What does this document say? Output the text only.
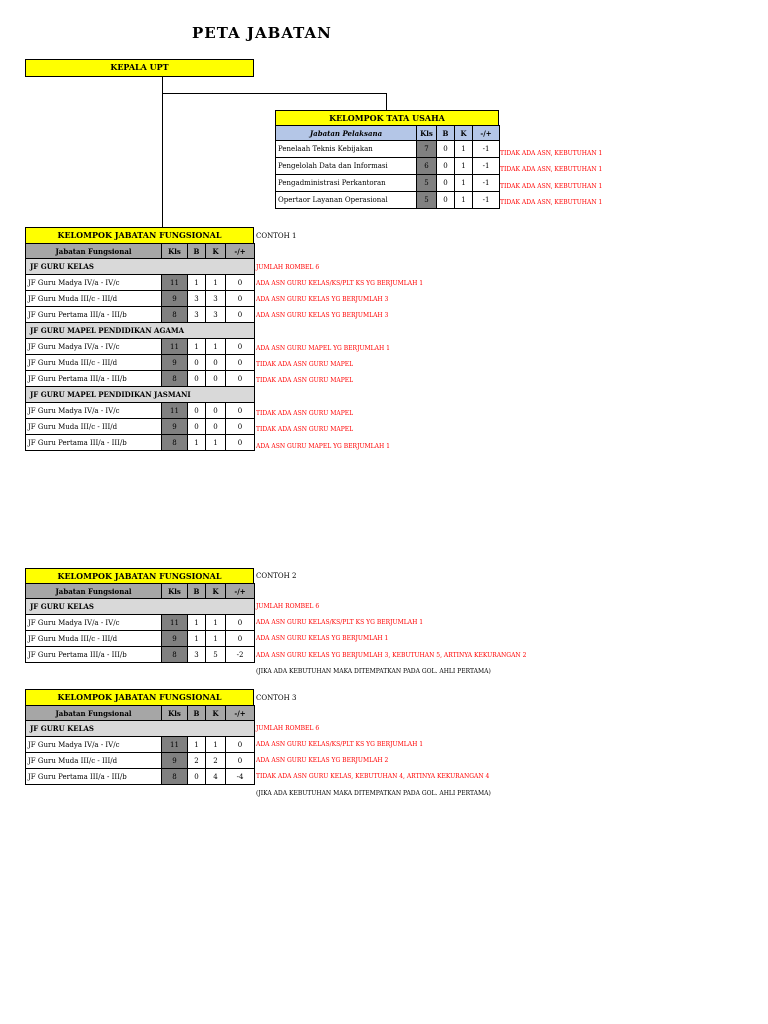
PETA JABATAN
KEPALA UPT
KELOMPOK TATA USAHA
Jabatan Pelaksana	Kls	B	K	-/+
Penelaah Teknis Kebijakan	7	0	1	-1
Pengelolah Data dan Informasi	6	0	1	-1
Pengadministrasi Perkantoran	5	0	1	-1
Opertaor Layanan Operasional	5	0	1	-1
TIDAK ADA ASN, KEBUTUHAN 1
TIDAK ADA ASN, KEBUTUHAN 1
TIDAK ADA ASN, KEBUTUHAN 1
TIDAK ADA ASN, KEBUTUHAN 1
KELOMPOK JABATAN FUNGSIONAL	CONTOH 1
Jabatan Fungsional	Kls	B	K	-/+
JF GURU KELAS				
JF Guru Madya IV/a - IV/c	11	1	1	0
JF Guru Muda III/c - III/d	9	3	3	0
JF Guru Pertama III/a - III/b	8	3	3	0
JF GURU MAPEL PENDIDIKAN AGAMA				
JF Guru Madya IV/a - IV/c	11	1	1	0
JF Guru Muda III/c - III/d	9	0	0	0
JF Guru Pertama III/a - III/b	8	0	0	0
JF GURU MAPEL PENDIDIKAN JASMANI				
JF Guru Madya IV/a - IV/c	11	0	0	0
JF Guru Muda III/c - III/d	9	0	0	0
JF Guru Pertama III/a - III/b	8	1	1	0
JUMLAH ROMBEL 6
ADA ASN GURU KELAS/KS/PLT KS YG BERJUMLAH 1
ADA ASN GURU KELAS YG BERJUMLAH 3
ADA ASN GURU KELAS YG BERJUMLAH 3
ADA ASN GURU MAPEL YG BERJUMLAH 1
TIDAK ADA ASN GURU MAPEL
TIDAK ADA ASN GURU MAPEL
TIDAK ADA ASN GURU MAPEL
TIDAK ADA ASN GURU MAPEL
ADA ASN GURU MAPEL YG BERJUMLAH 1
KELOMPOK JABATAN FUNGSIONAL	CONTOH 2
Jabatan Fungsional	Kls	B	K	-/+
JF GURU KELAS				
JF Guru Madya IV/a - IV/c	11	1	1	0
JF Guru Muda III/c - III/d	9	1	1	0
JF Guru Pertama III/a - III/b	8	3	5	-2
JUMLAH ROMBEL 6
ADA ASN GURU KELAS/KS/PLT KS YG BERJUMLAH 1
ADA ASN GURU KELAS YG BERJUMLAH 1
ADA ASN GURU KELAS YG BERJUMLAH 3, KEBUTUHAN 5, ARTINYA KEKURANGAN 2
(JIKA ADA KEBUTUHAN MAKA DITEMPATKAN PADA GOL. AHLI PERTAMA)
KELOMPOK JABATAN FUNGSIONAL	CONTOH 3
Jabatan Fungsional	Kls	B	K	-/+
JF GURU KELAS				
JF Guru Madya IV/a - IV/c	11	1	1	0
JF Guru Muda III/c - III/d	9	2	2	0
JF Guru Pertama III/a - III/b	8	0	4	-4
JUMLAH ROMBEL 6
ADA ASN GURU KELAS/KS/PLT KS YG BERJUMLAH 1
ADA ASN GURU KELAS YG BERJUMLAH 2
TIDAK ADA ASN GURU KELAS, KEBUTUHAN 4, ARTINYA KEKURANGAN 4
(JIKA ADA KEBUTUHAN MAKA DITEMPATKAN PADA GOL. AHLI PERTAMA)
